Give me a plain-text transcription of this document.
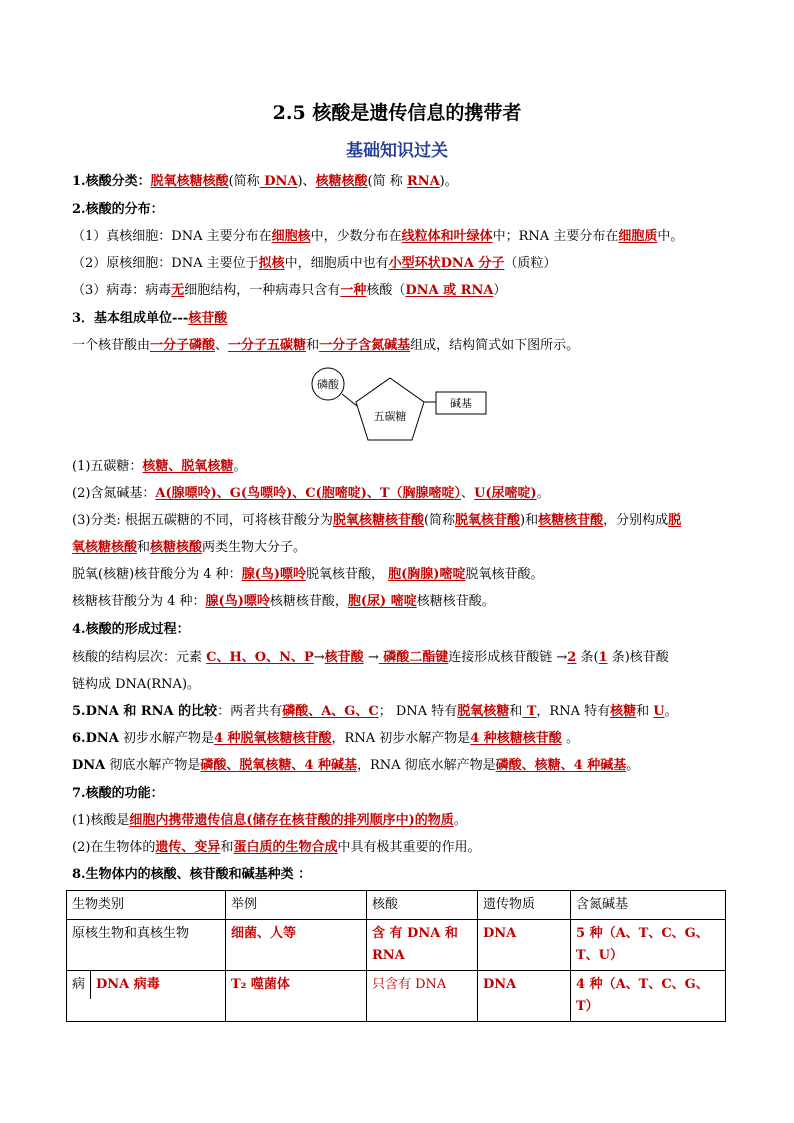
2.5 核酸是遗传信息的携带者
基础知识过关
1.核酸分类：脱氧核糖核酸(简称 DNA)、核糖核酸(简 称 RNA)。
2.核酸的分布：
（1）真核细胞：DNA 主要分布在细胞核中，少数分布在线粒体和叶绿体中；RNA 主要分布在细胞质中。
（2）原核细胞：DNA 主要位于拟核中，细胞质中也有小型环状DNA 分子（质粒）
（3）病毒：病毒无细胞结构，一种病毒只含有一种核酸（DNA 或 RNA）
3．基本组成单位---核苷酸
一个核苷酸由一分子磷酸、一分子五碳糖和一分子含氮碱基组成，结构简式如下图所示。
磷酸
五碳糖
碱基
(1)五碳糖：核糖、脱氧核糖。
(2)含氮碱基：A(腺嘌呤)、G(鸟嘌呤)、C(胞嘧啶)、T（胸腺嘧啶）、U(尿嘧啶)。
(3)分类: 根据五碳糖的不同，可将核苷酸分为脱氧核糖核苷酸(简称脱氧核苷酸)和核糖核苷酸，分别构成脱
氧核糖核酸和核糖核酸两类生物大分子。
脱氧(核糖)核苷酸分为 4 种：腺(鸟)嘌呤脱氧核苷酸， 胞(胸腺)嘧啶脱氧核苷酸。
核糖核苷酸分为 4 种：腺(鸟)嘌呤核糖核苷酸，胞(尿) 嘧啶核糖核苷酸。
4.核酸的形成过程：
核酸的结构层次：元素 C、H、O、N、P→核苷酸 → 磷酸二酯键连接形成核苷酸链 →2 条(1 条)核苷酸
链构成 DNA(RNA)。
5.DNA 和 RNA 的比较：两者共有磷酸、A、G、C； DNA 特有脱氧核糖和 T，RNA 特有核糖和 U。
6.DNA 初步水解产物是4 种脱氧核糖核苷酸，RNA 初步水解产物是4 种核糖核苷酸 。
DNA 彻底水解产物是磷酸、脱氧核糖、4 种碱基，RNA 彻底水解产物是磷酸、核糖、4 种碱基。
7.核酸的功能：
(1)核酸是细胞内携带遗传信息(储存在核苷酸的排列顺序中)的物质。
(2)在生物体的遗传、变异和蛋白质的生物合成中具有极其重要的作用。
8.生物体内的核酸、核苷酸和碱基种类 ：
生物类别	举例	核酸	遗传物质	含氮碱基
原核生物和真核生物	细菌、人等	含 有 DNA 和 RNA	DNA	5 种（A、T、C、G、T、U）

病 DNA 病毒	T₂ 噬菌体	只含有 DNA	DNA	4 种（A、T、C、G、T）
